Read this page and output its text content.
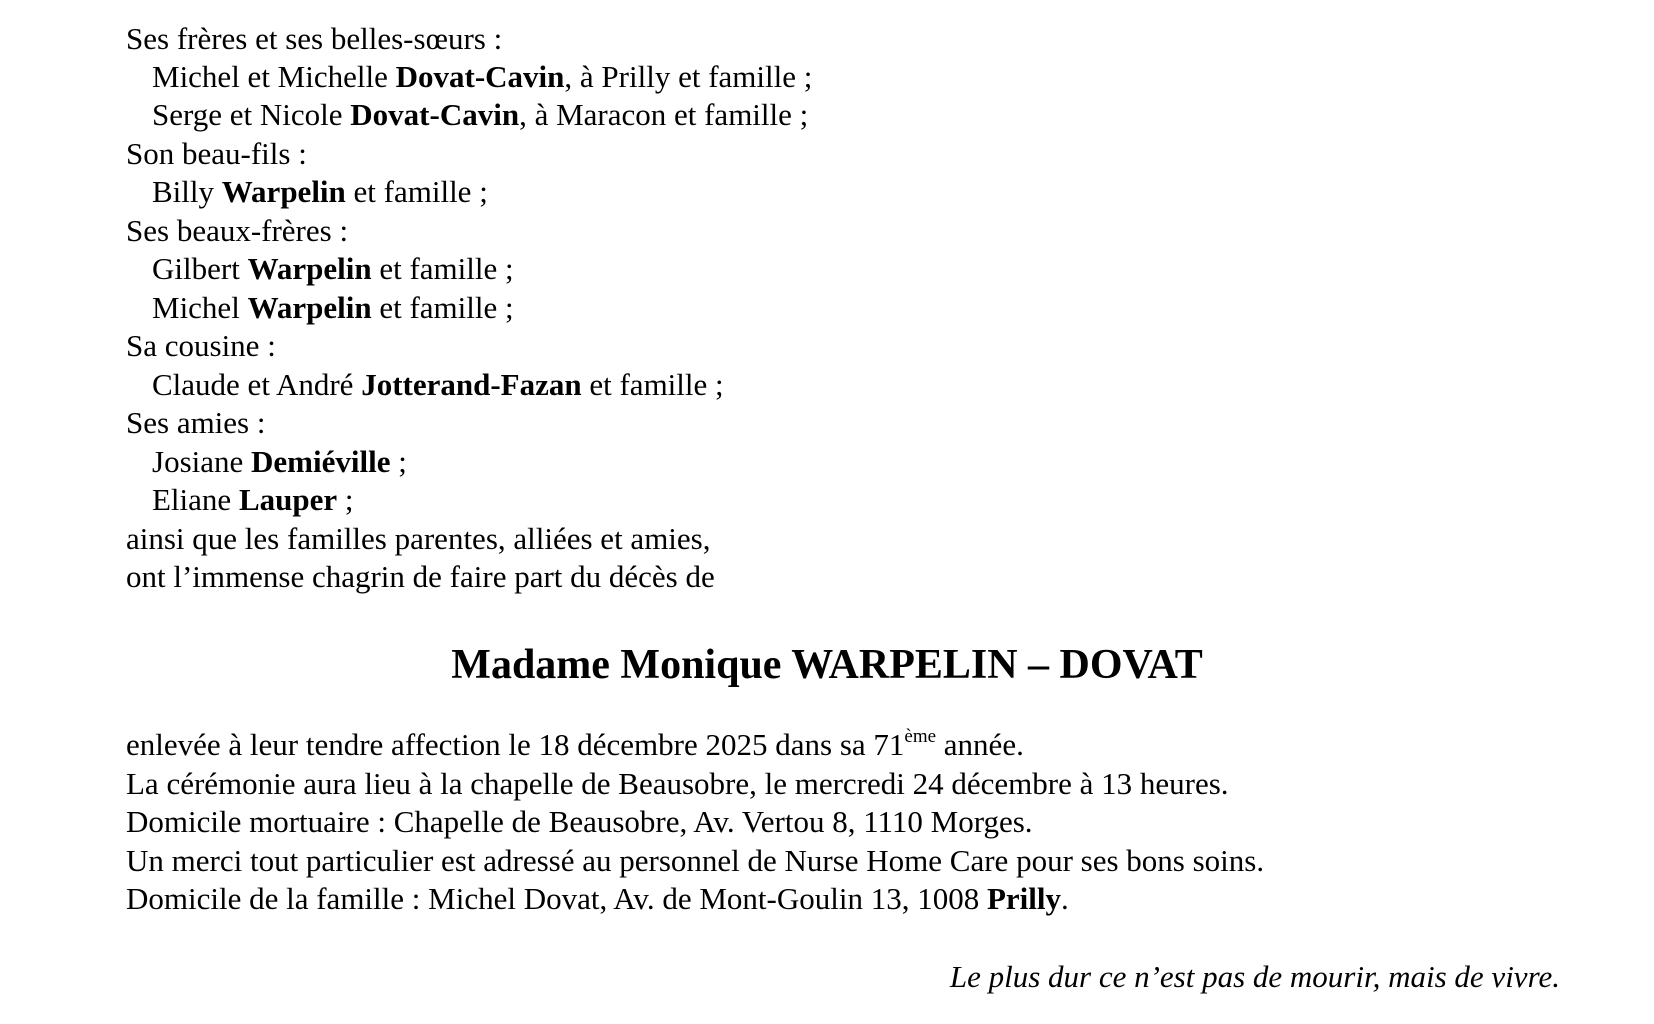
Ses frères et ses belles-sœurs :
Michel et Michelle Dovat-Cavin, à Prilly et famille ;
Serge et Nicole Dovat-Cavin, à Maracon et famille ;
Son beau-fils :
Billy Warpelin et famille ;
Ses beaux-frères :
Gilbert Warpelin et famille ;
Michel Warpelin et famille ;
Sa cousine :
Claude et André Jotterand-Fazan et famille ;
Ses amies :
Josiane Demiéville ;
Eliane Lauper ;
ainsi que les familles parentes, alliées et amies,
ont l’immense chagrin de faire part du décès de
Madame Monique WARPELIN – DOVAT
enlevée à leur tendre affection le 18 décembre 2025 dans sa 71ème année.
La cérémonie aura lieu à la chapelle de Beausobre, le mercredi 24 décembre à 13 heures.
Domicile mortuaire : Chapelle de Beausobre, Av. Vertou 8, 1110 Morges.
Un merci tout particulier est adressé au personnel de Nurse Home Care pour ses bons soins.
Domicile de la famille : Michel Dovat, Av. de Mont-Goulin 13, 1008 Prilly.
Le plus dur ce n’est pas de mourir, mais de vivre.
